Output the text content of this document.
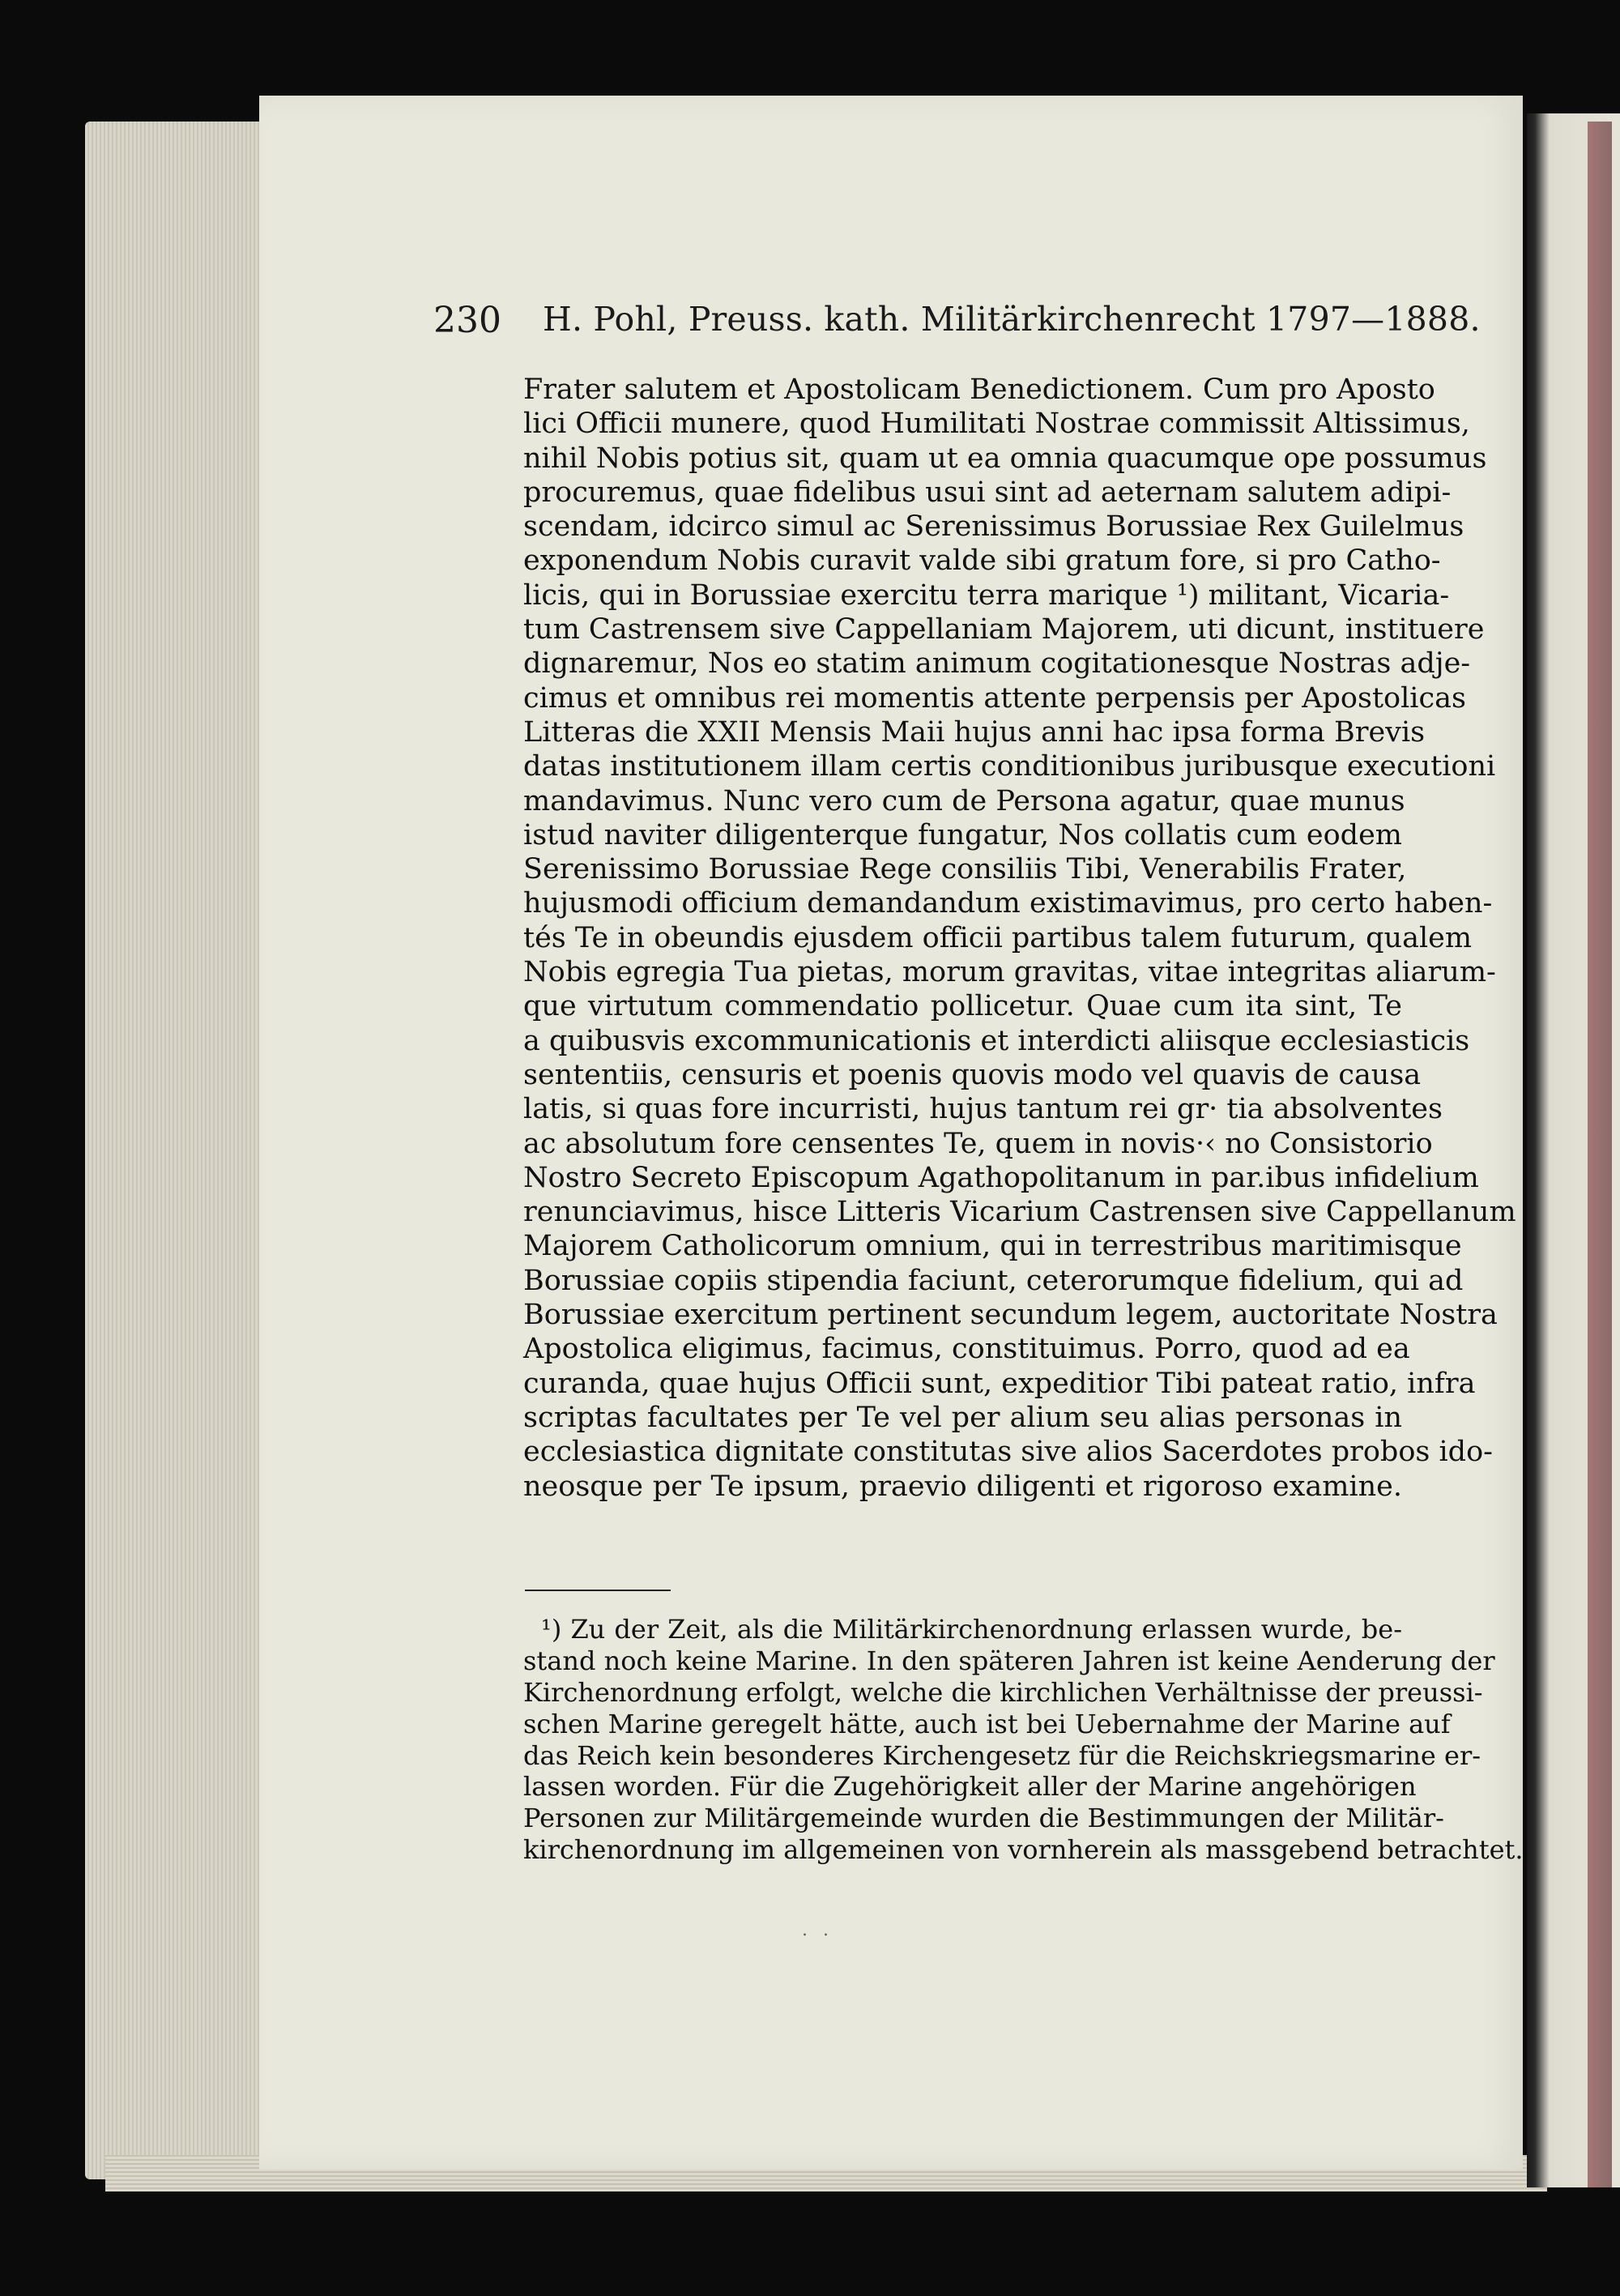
230 H. Pohl, Preuss. kath. Militärkirchenrecht 1797—1888.
Frater salutem et Apostolicam Benedictionem. Cum pro Aposto
lici Officii munere, quod Humilitati Nostrae commissit Altissimus,
nihil Nobis potius sit, quam ut ea omnia quacumque ope possumus
procuremus, quae fidelibus usui sint ad aeternam salutem adipi-
scendam, idcirco simul ac Serenissimus Borussiae Rex Guilelmus
exponendum Nobis curavit valde sibi gratum fore, si pro Catho-
licis, qui in Borussiae exercitu terra marique ¹) militant, Vicaria-
tum Castrensem sive Cappellaniam Majorem, uti dicunt, instituere
dignaremur, Nos eo statim animum cogitationesque Nostras adje-
cimus et omnibus rei momentis attente perpensis per Apostolicas
Litteras die XXII Mensis Maii hujus anni hac ipsa forma Brevis
datas institutionem illam certis conditionibus juribusque executioni
mandavimus. Nunc vero cum de Persona agatur, quae munus
istud naviter diligenterque fungatur, Nos collatis cum eodem
Serenissimo Borussiae Rege consiliis Tibi, Venerabilis Frater,
hujusmodi officium demandandum existimavimus, pro certo haben-
tés Te in obeundis ejusdem officii partibus talem futurum, qualem
Nobis egregia Tua pietas, morum gravitas, vitae integritas aliarum-
que virtutum commendatio pollicetur. Quae cum ita sint, Te
a quibusvis excommunicationis et interdicti aliisque ecclesiasticis
sententiis, censuris et poenis quovis modo vel quavis de causa
latis, si quas fore incurristi, hujus tantum rei gr· tia absolventes
ac absolutum fore censentes Te, quem in novis·‹ no Consistorio
Nostro Secreto Episcopum Agathopolitanum in par.ibus infidelium
renunciavimus, hisce Litteris Vicarium Castrensen sive Cappellanum
Majorem Catholicorum omnium, qui in terrestribus maritimisque
Borussiae copiis stipendia faciunt, ceterorumque fidelium, qui ad
Borussiae exercitum pertinent secundum legem, auctoritate Nostra
Apostolica eligimus, facimus, constituimus. Porro, quod ad ea
curanda, quae hujus Officii sunt, expeditior Tibi pateat ratio, infra
scriptas facultates per Te vel per alium seu alias personas in
ecclesiastica dignitate constitutas sive alios Sacerdotes probos ido-
neosque per Te ipsum, praevio diligenti et rigoroso examine.
¹) Zu der Zeit, als die Militärkirchenordnung erlassen wurde, be-
stand noch keine Marine. In den späteren Jahren ist keine Aenderung der
Kirchenordnung erfolgt, welche die kirchlichen Verhältnisse der preussi-
schen Marine geregelt hätte, auch ist bei Uebernahme der Marine auf
das Reich kein besonderes Kirchengesetz für die Reichskriegsmarine er-
lassen worden. Für die Zugehörigkeit aller der Marine angehörigen
Personen zur Militärgemeinde wurden die Bestimmungen der Militär-
kirchenordnung im allgemeinen von vornherein als massgebend betrachtet.
. .
